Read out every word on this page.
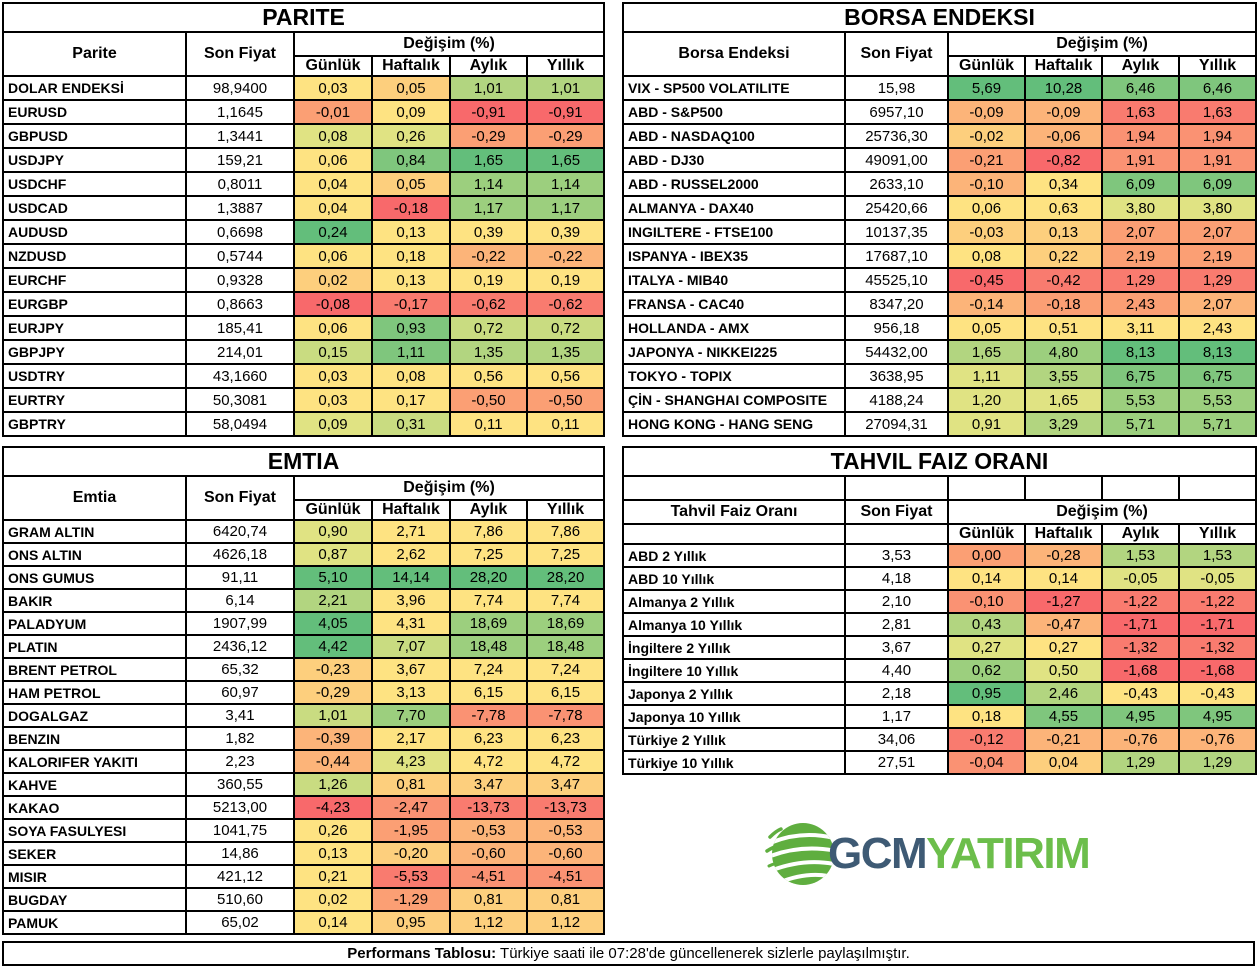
PARITE					
Parite	Son Fiyat	Değişim (%)			
		Günlük	Haftalık	Aylık	Yıllık
DOLAR ENDEKSİ	98,9400	0,03	0,05	1,01	1,01
EURUSD	1,1645	-0,01	0,09	-0,91	-0,91
GBPUSD	1,3441	0,08	0,26	-0,29	-0,29
USDJPY	159,21	0,06	0,84	1,65	1,65
USDCHF	0,8011	0,04	0,05	1,14	1,14
USDCAD	1,3887	0,04	-0,18	1,17	1,17
AUDUSD	0,6698	0,24	0,13	0,39	0,39
NZDUSD	0,5744	0,06	0,18	-0,22	-0,22
EURCHF	0,9328	0,02	0,13	0,19	0,19
EURGBP	0,8663	-0,08	-0,17	-0,62	-0,62
EURJPY	185,41	0,06	0,93	0,72	0,72
GBPJPY	214,01	0,15	1,11	1,35	1,35
USDTRY	43,1660	0,03	0,08	0,56	0,56
EURTRY	50,3081	0,03	0,17	-0,50	-0,50
GBPTRY	58,0494	0,09	0,31	0,11	0,11
BORSA ENDEKSI					
Borsa Endeksi	Son Fiyat	Değişim (%)			
		Günlük	Haftalık	Aylık	Yıllık
VIX - SP500 VOLATILITE	15,98	5,69	10,28	6,46	6,46
ABD - S&P500	6957,10	-0,09	-0,09	1,63	1,63
ABD - NASDAQ100	25736,30	-0,02	-0,06	1,94	1,94
ABD - DJ30	49091,00	-0,21	-0,82	1,91	1,91
ABD - RUSSEL2000	2633,10	-0,10	0,34	6,09	6,09
ALMANYA - DAX40	25420,66	0,06	0,63	3,80	3,80
INGILTERE - FTSE100	10137,35	-0,03	0,13	2,07	2,07
ISPANYA - IBEX35	17687,10	0,08	0,22	2,19	2,19
ITALYA - MIB40	45525,10	-0,45	-0,42	1,29	1,29
FRANSA - CAC40	8347,20	-0,14	-0,18	2,43	2,07
HOLLANDA - AMX	956,18	0,05	0,51	3,11	2,43
JAPONYA - NIKKEI225	54432,00	1,65	4,80	8,13	8,13
TOKYO - TOPIX	3638,95	1,11	3,55	6,75	6,75
ÇİN - SHANGHAI COMPOSITE	4188,24	1,20	1,65	5,53	5,53
HONG KONG - HANG SENG	27094,31	0,91	3,29	5,71	5,71
EMTIA					
Emtia	Son Fiyat	Değişim (%)			
		Günlük	Haftalık	Aylık	Yıllık
GRAM ALTIN	6420,74	0,90	2,71	7,86	7,86
ONS ALTIN	4626,18	0,87	2,62	7,25	7,25
ONS GUMUS	91,11	5,10	14,14	28,20	28,20
BAKIR	6,14	2,21	3,96	7,74	7,74
PALADYUM	1907,99	4,05	4,31	18,69	18,69
PLATIN	2436,12	4,42	7,07	18,48	18,48
BRENT PETROL	65,32	-0,23	3,67	7,24	7,24
HAM PETROL	60,97	-0,29	3,13	6,15	6,15
DOGALGAZ	3,41	1,01	7,70	-7,78	-7,78
BENZIN	1,82	-0,39	2,17	6,23	6,23
KALORIFER YAKITI	2,23	-0,44	4,23	4,72	4,72
KAHVE	360,55	1,26	0,81	3,47	3,47
KAKAO	5213,00	-4,23	-2,47	-13,73	-13,73
SOYA FASULYESI	1041,75	0,26	-1,95	-0,53	-0,53
SEKER	14,86	0,13	-0,20	-0,60	-0,60
MISIR	421,12	0,21	-5,53	-4,51	-4,51
BUGDAY	510,60	0,02	-1,29	0,81	0,81
PAMUK	65,02	0,14	0,95	1,12	1,12
TAHVIL FAIZ ORANI					

Tahvil Faiz Oranı	Son Fiyat	Değişim (%)			
		Günlük	Haftalık	Aylık	Yıllık
ABD 2 Yıllık	3,53	0,00	-0,28	1,53	1,53
ABD 10 Yıllık	4,18	0,14	0,14	-0,05	-0,05
Almanya 2 Yıllık	2,10	-0,10	-1,27	-1,22	-1,22
Almanya 10 Yıllık	2,81	0,43	-0,47	-1,71	-1,71
İngiltere 2 Yıllık	3,67	0,27	0,27	-1,32	-1,32
İngiltere 10 Yıllık	4,40	0,62	0,50	-1,68	-1,68
Japonya 2 Yıllık	2,18	0,95	2,46	-0,43	-0,43
Japonya 10 Yıllık	1,17	0,18	4,55	4,95	4,95
Türkiye 2 Yıllık	34,06	-0,12	-0,21	-0,76	-0,76
Türkiye 10 Yıllık	27,51	-0,04	0,04	1,29	1,29
GCM YATIRIM
Performans Tablosu: Türkiye saati ile 07:28'de güncellenerek sizlerle paylaşılmıştır.
